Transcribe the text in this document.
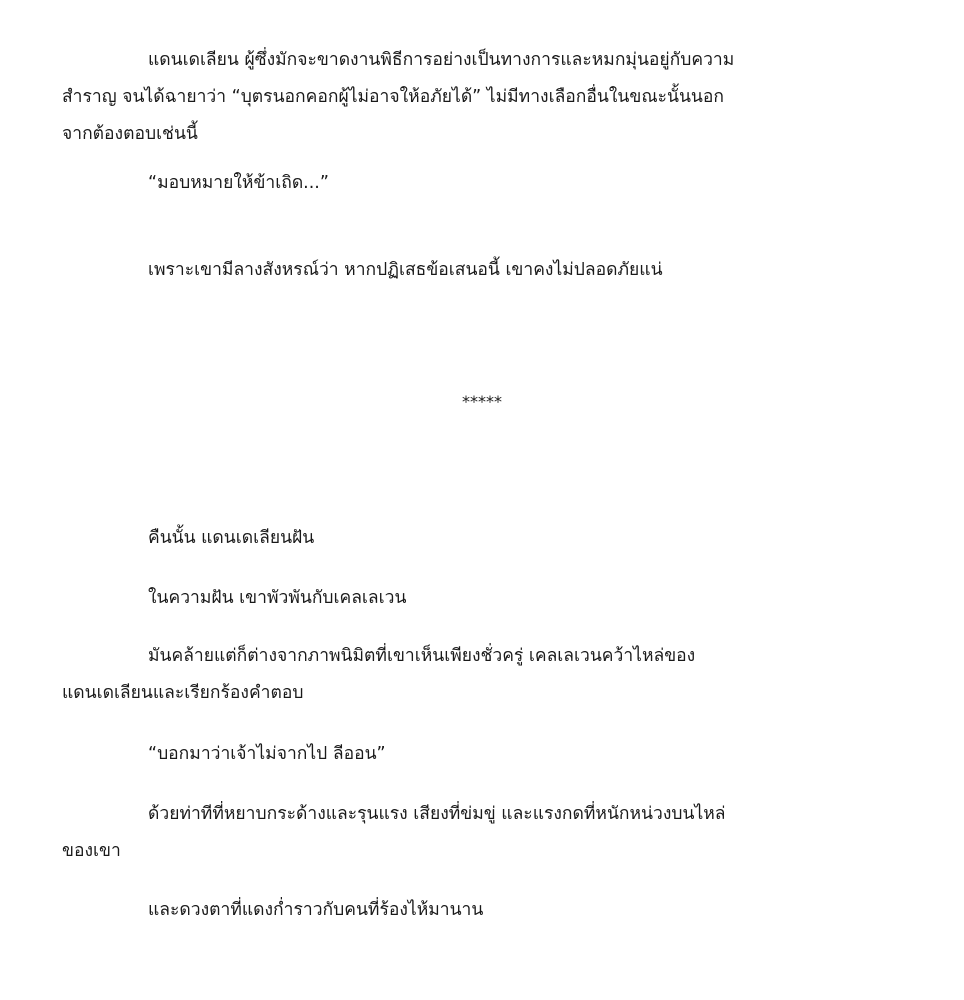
แดนเดเลียน ผู้ซึ่งมักจะขาดงานพิธีการอย่างเป็นทางการและหมกมุ่นอยู่กับความ
สำราญ จนได้ฉายาว่า “บุตรนอกคอกผู้ไม่อาจให้อภัยได้” ไม่มีทางเลือกอื่นในขณะนั้นนอก
จากต้องตอบเช่นนี้
“มอบหมายให้ข้าเถิด...”
เพราะเขามีลางสังหรณ์ว่า หากปฏิเสธข้อเสนอนี้ เขาคงไม่ปลอดภัยแน่
*****
คืนนั้น แดนเดเลียนฝัน
ในความฝัน เขาพัวพันกับเคลเลเวน
มันคล้ายแต่ก็ต่างจากภาพนิมิตที่เขาเห็นเพียงชั่วครู่ เคลเลเวนคว้าไหล่ของ
แดนเดเลียนและเรียกร้องคำตอบ
“บอกมาว่าเจ้าไม่จากไป ลีออน”
ด้วยท่าทีที่หยาบกระด้างและรุนแรง เสียงที่ข่มขู่ และแรงกดที่หนักหน่วงบนไหล่
ของเขา
และดวงตาที่แดงก่ำราวกับคนที่ร้องไห้มานาน
